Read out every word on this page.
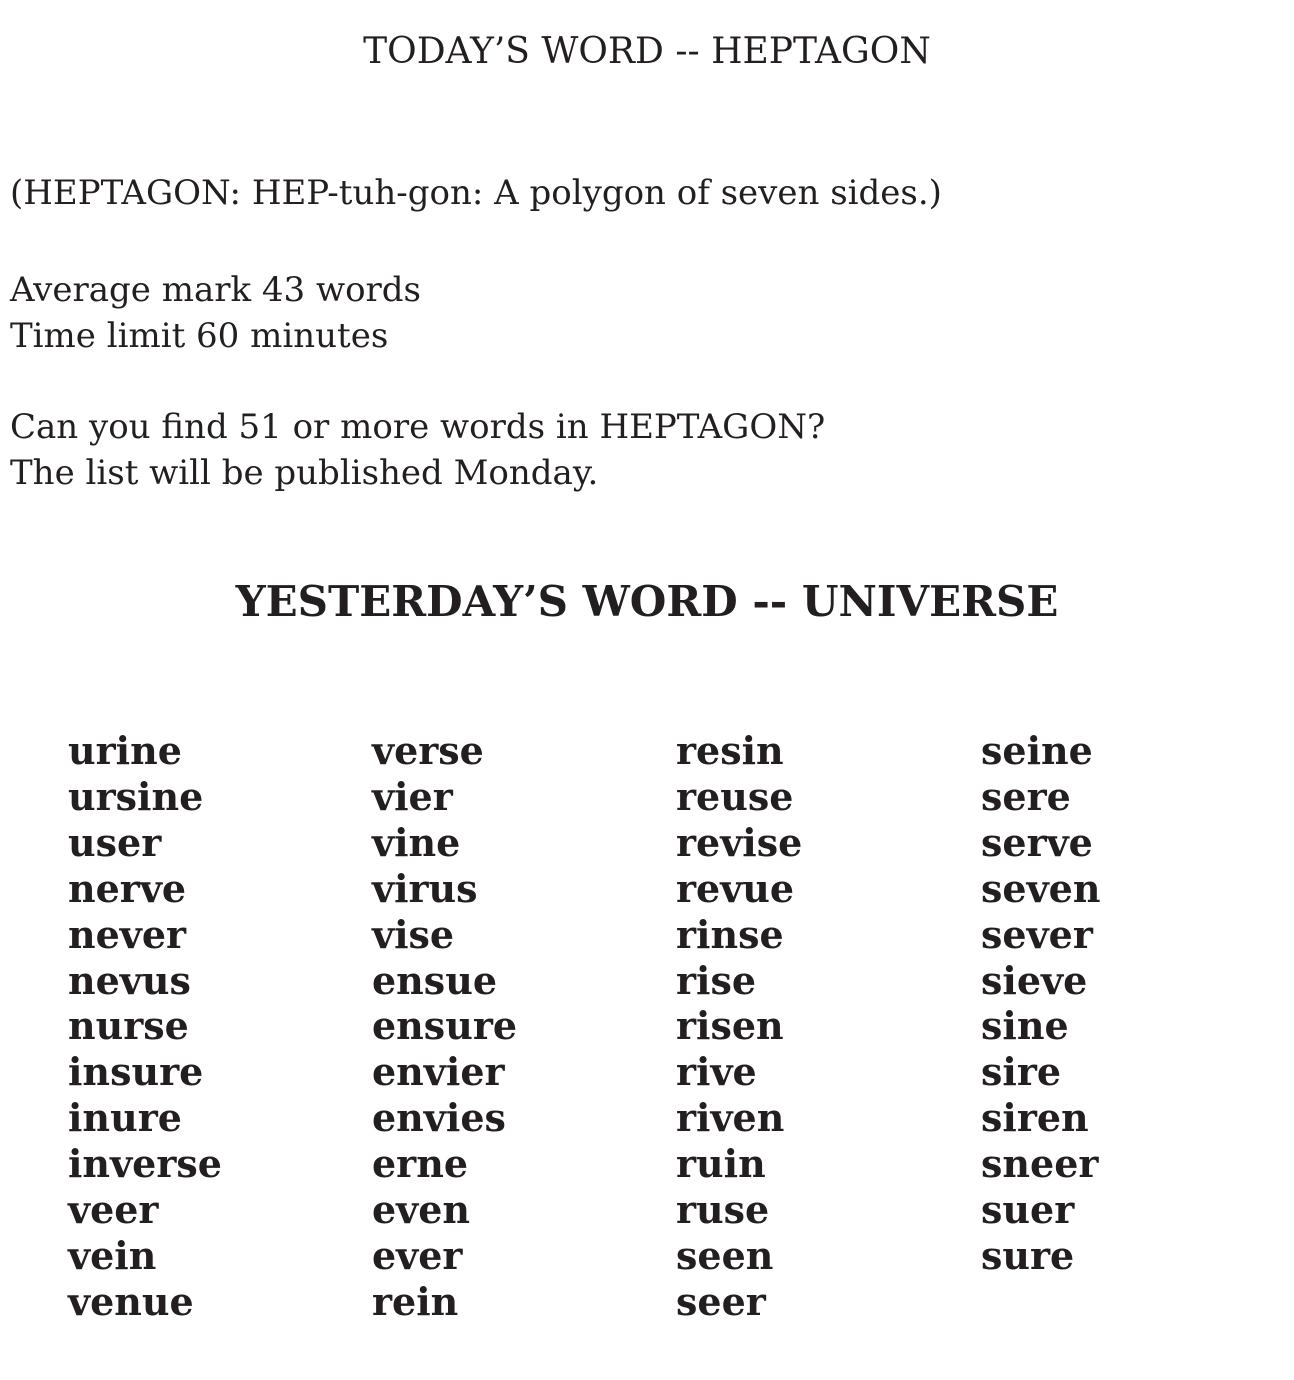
TODAY’S WORD -- HEPTAGON

(HEPTAGON: HEP-tuh-gon: A polygon of seven sides.)

Average mark 43 words

Time limit 60 minutes

Can you find 51 or more words in HEPTAGON?

The list will be published Monday.

YESTERDAY’S WORD -- UNIVERSE
urine
ursine
user
nerve
never
nevus
nurse
insure
inure
inverse
veer
vein
venue
verse
vier
vine
virus
vise
ensue
ensure
envier
envies
erne
even
ever
rein
resin
reuse
revise
revue
rinse
rise
risen
rive
riven
ruin
ruse
seen
seer
seine
sere
serve
seven
sever
sieve
sine
sire
siren
sneer
suer
sure
